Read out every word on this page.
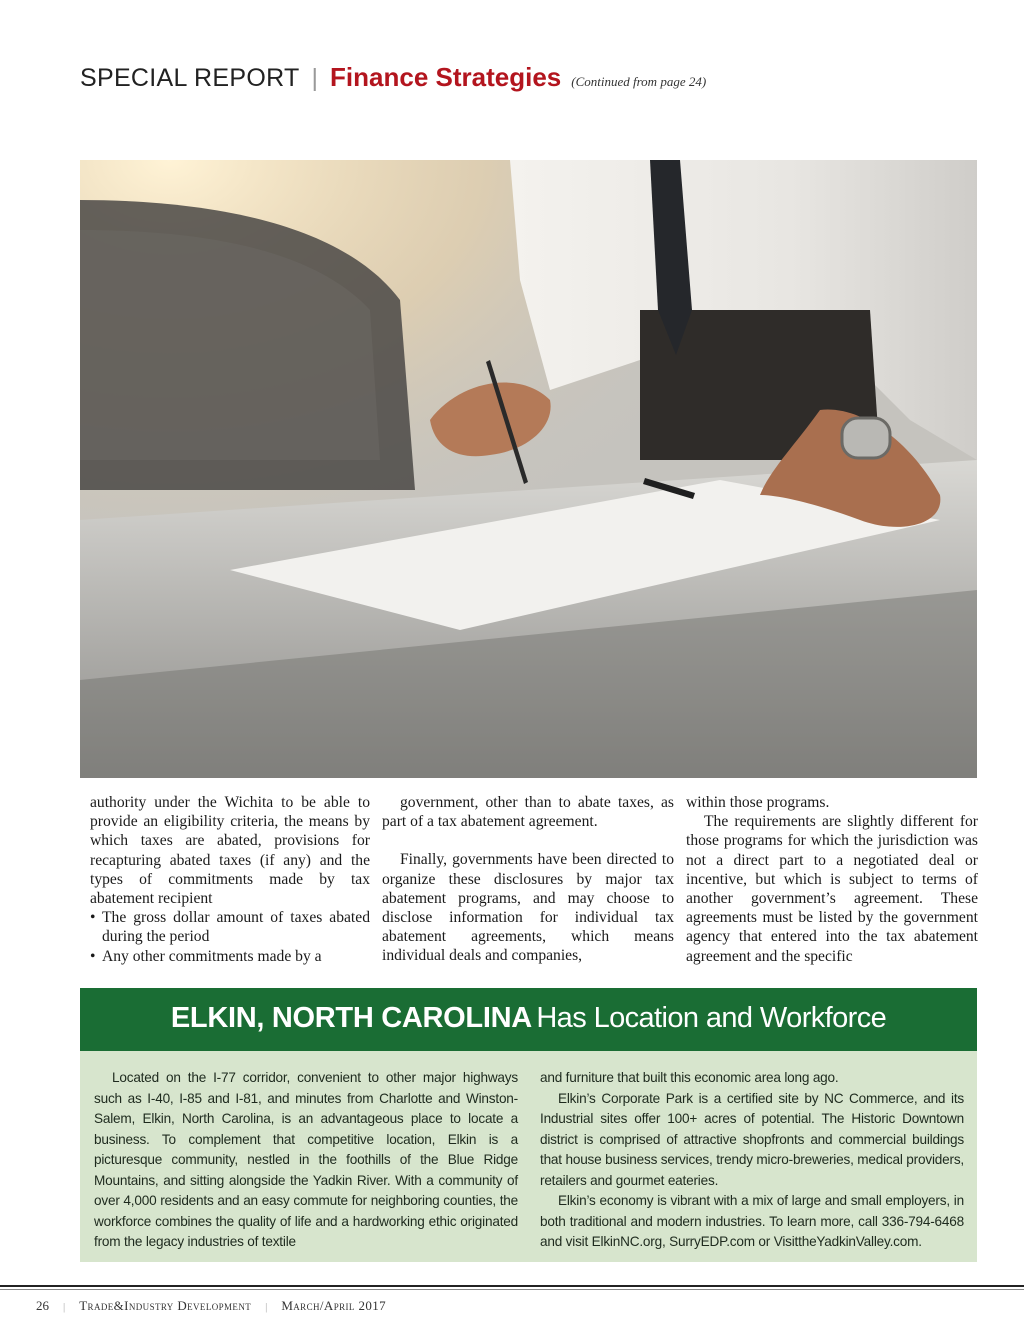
SPECIAL REPORT | Finance Strategies (Continued from page 24)

authority under the Wichita to be able to provide an eligibility criteria, the means by which taxes are abated, provisions for recapturing abated taxes (if any) and the types of commitments made by tax abatement recipient

• The gross dollar amount of taxes abated during the period

• Any other commitments made by a

government, other than to abate taxes, as part of a tax abatement agreement.

Finally, governments have been directed to organize these disclosures by major tax abatement programs, and may choose to disclose information for individual tax abatement agreements, which means individual deals and companies,

within those programs.

The requirements are slightly different for those programs for which the jurisdiction was not a direct part to a negotiated deal or incentive, but which is subject to terms of another government’s agreement. These agreements must be listed by the government agency that entered into the tax abatement agreement and the specific

ELKIN, NORTH CAROLINA Has Location and Workforce

Located on the I-77 corridor, convenient to other major highways such as I-40, I-85 and I-81, and minutes from Charlotte and Winston-Salem, Elkin, North Carolina, is an advantageous place to locate a business. To complement that competitive location, Elkin is a picturesque community, nestled in the foothills of the Blue Ridge Mountains, and sitting alongside the Yadkin River. With a community of over 4,000 residents and an easy commute for neighboring counties, the workforce combines the quality of life and a hardworking ethic originated from the legacy industries of textile

and furniture that built this economic area long ago.

Elkin’s Corporate Park is a certified site by NC Commerce, and its Industrial sites offer 100+ acres of potential. The Historic Downtown district is comprised of attractive shopfronts and commercial buildings that house business services, trendy micro-breweries, medical providers, retailers and gourmet eateries.

Elkin’s economy is vibrant with a mix of large and small employers, in both traditional and modern industries. To learn more, call 336-794-6468 and visit ElkinNC.org, SurryEDP.com or VisittheYadkinValley.com.

26 | Trade&Industry Development | March/April 2017
